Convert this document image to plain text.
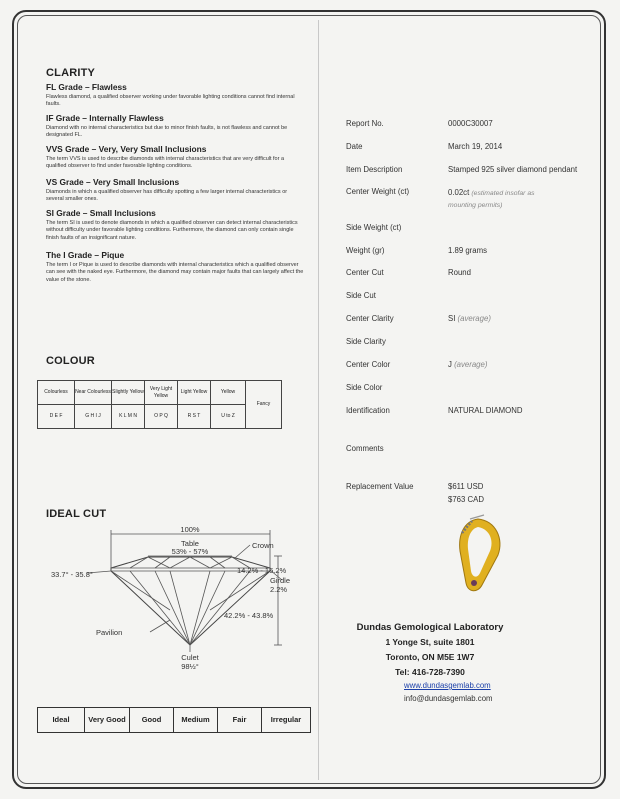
CLARITY

FL Grade – Flawless

Flawless diamond, a qualified observer working under favorable lighting conditions cannot find internal faults.

IF Grade – Internally Flawless

Diamond with no internal characteristics but due to minor finish faults, is not flawless and cannot be designated FL.

VVS Grade – Very, Very Small Inclusions

The term VVS is used to describe diamonds with internal characteristics that are very difficult for a qualified observer to find under favorable lighting conditions.

VS Grade – Very Small Inclusions

Diamonds in which a qualified observer has difficulty spotting a few larger internal characteristics or several smaller ones.

SI Grade – Small Inclusions

The term SI is used to denote diamonds in which a qualified observer can detect internal characteristics without difficulty under favorable lighting conditions. Furthermore, the diamond can only contain single finish faults of an insignificant nature.

The I Grade – Pique

The term I or Pique is used to describe diamonds with internal characteristics which a qualified observer can see with the naked eye. Furthermore, the diamond may contain major faults that can largely affect the value of the stone.

COLOUR
Colourless	Near Colourless	Slightly Yellow	Very Light Yellow	Light Yellow	Yellow	Fancy

D E F	G H I J	K L M N	O P Q	R S T	U to Z	
IDEAL CUT
100%
Table
53% - 57%
Crown
33.7° - 35.8°	14.2% - 16.2%
Girdle
2.2%
42.2% - 43.8%
Pavilion
Culet
98½°
Ideal	Very Good	Good	Medium	Fair	Irregular
Report No.	0000C30007
Date	March 19, 2014
Item Description	Stamped 925 silver diamond pendant
Center Weight (ct)	0.02ct (estimated insofar as mounting permits)
Side Weight (ct)
Weight (gr)	1.89 grams
Center Cut	Round
Side Cut
Center Clarity	SI (average)
Side Clarity
Center Color	J (average)
Side Color
Identification	NATURAL DIAMOND
Comments
Replacement Value	$611 USD
$763 CAD
Dundas Gemological Laboratory
1 Yonge St, suite 1801
Toronto, ON M5E 1W7
Tel: 416-728-7390
www.dundasgemlab.com
info@dundasgemlab.com
